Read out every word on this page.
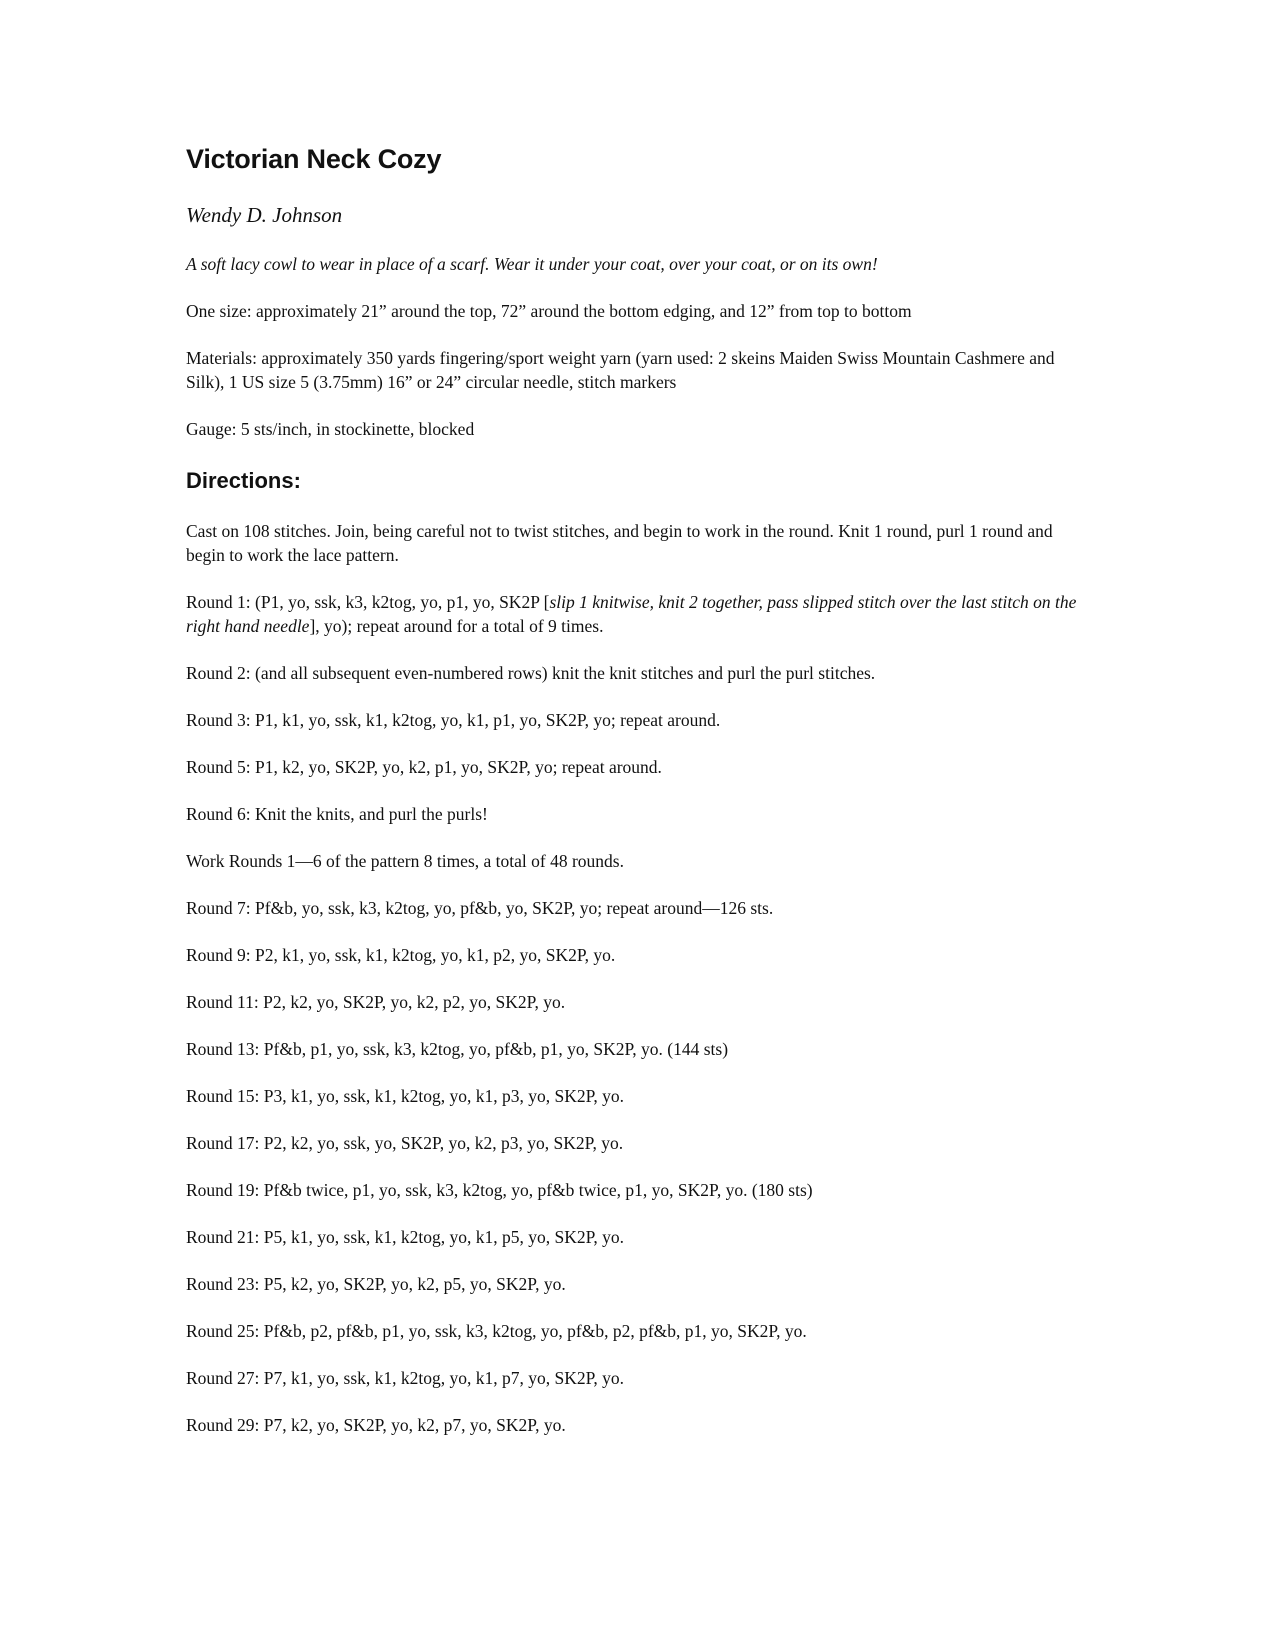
Victorian Neck Cozy

Wendy D. Johnson

A soft lacy cowl to wear in place of a scarf. Wear it under your coat, over your coat, or on its own!

One size: approximately 21” around the top, 72” around the bottom edging, and 12” from top to bottom

Materials: approximately 350 yards fingering/sport weight yarn (yarn used: 2 skeins Maiden Swiss Mountain Cashmere and Silk), 1 US size 5 (3.75mm) 16” or 24” circular needle, stitch markers

Gauge: 5 sts/inch, in stockinette, blocked

Directions:

Cast on 108 stitches. Join, being careful not to twist stitches, and begin to work in the round. Knit 1 round, purl 1 round and begin to work the lace pattern.

Round 1: (P1, yo, ssk, k3, k2tog, yo, p1, yo, SK2P [slip 1 knitwise, knit 2 together, pass slipped stitch over the last stitch on the right hand needle], yo); repeat around for a total of 9 times.

Round 2: (and all subsequent even-numbered rows) knit the knit stitches and purl the purl stitches.

Round 3: P1, k1, yo, ssk, k1, k2tog, yo, k1, p1, yo, SK2P, yo; repeat around.

Round 5: P1, k2, yo, SK2P, yo, k2, p1, yo, SK2P, yo; repeat around.

Round 6: Knit the knits, and purl the purls!

Work Rounds 1—6 of the pattern 8 times, a total of 48 rounds.

Round 7: Pf&b, yo, ssk, k3, k2tog, yo, pf&b, yo, SK2P, yo; repeat around—126 sts.

Round 9: P2, k1, yo, ssk, k1, k2tog, yo, k1, p2, yo, SK2P, yo.

Round 11: P2, k2, yo, SK2P, yo, k2, p2, yo, SK2P, yo.

Round 13: Pf&b, p1, yo, ssk, k3, k2tog, yo, pf&b, p1, yo, SK2P, yo. (144 sts)

Round 15: P3, k1, yo, ssk, k1, k2tog, yo, k1, p3, yo, SK2P, yo.

Round 17: P2, k2, yo, ssk, yo, SK2P, yo, k2, p3, yo, SK2P, yo.

Round 19: Pf&b twice, p1, yo, ssk, k3, k2tog, yo, pf&b twice, p1, yo, SK2P, yo. (180 sts)

Round 21: P5, k1, yo, ssk, k1, k2tog, yo, k1, p5, yo, SK2P, yo.

Round 23: P5, k2, yo, SK2P, yo, k2, p5, yo, SK2P, yo.

Round 25: Pf&b, p2, pf&b, p1, yo, ssk, k3, k2tog, yo, pf&b, p2, pf&b, p1, yo, SK2P, yo.

Round 27: P7, k1, yo, ssk, k1, k2tog, yo, k1, p7, yo, SK2P, yo.

Round 29: P7, k2, yo, SK2P, yo, k2, p7, yo, SK2P, yo.
